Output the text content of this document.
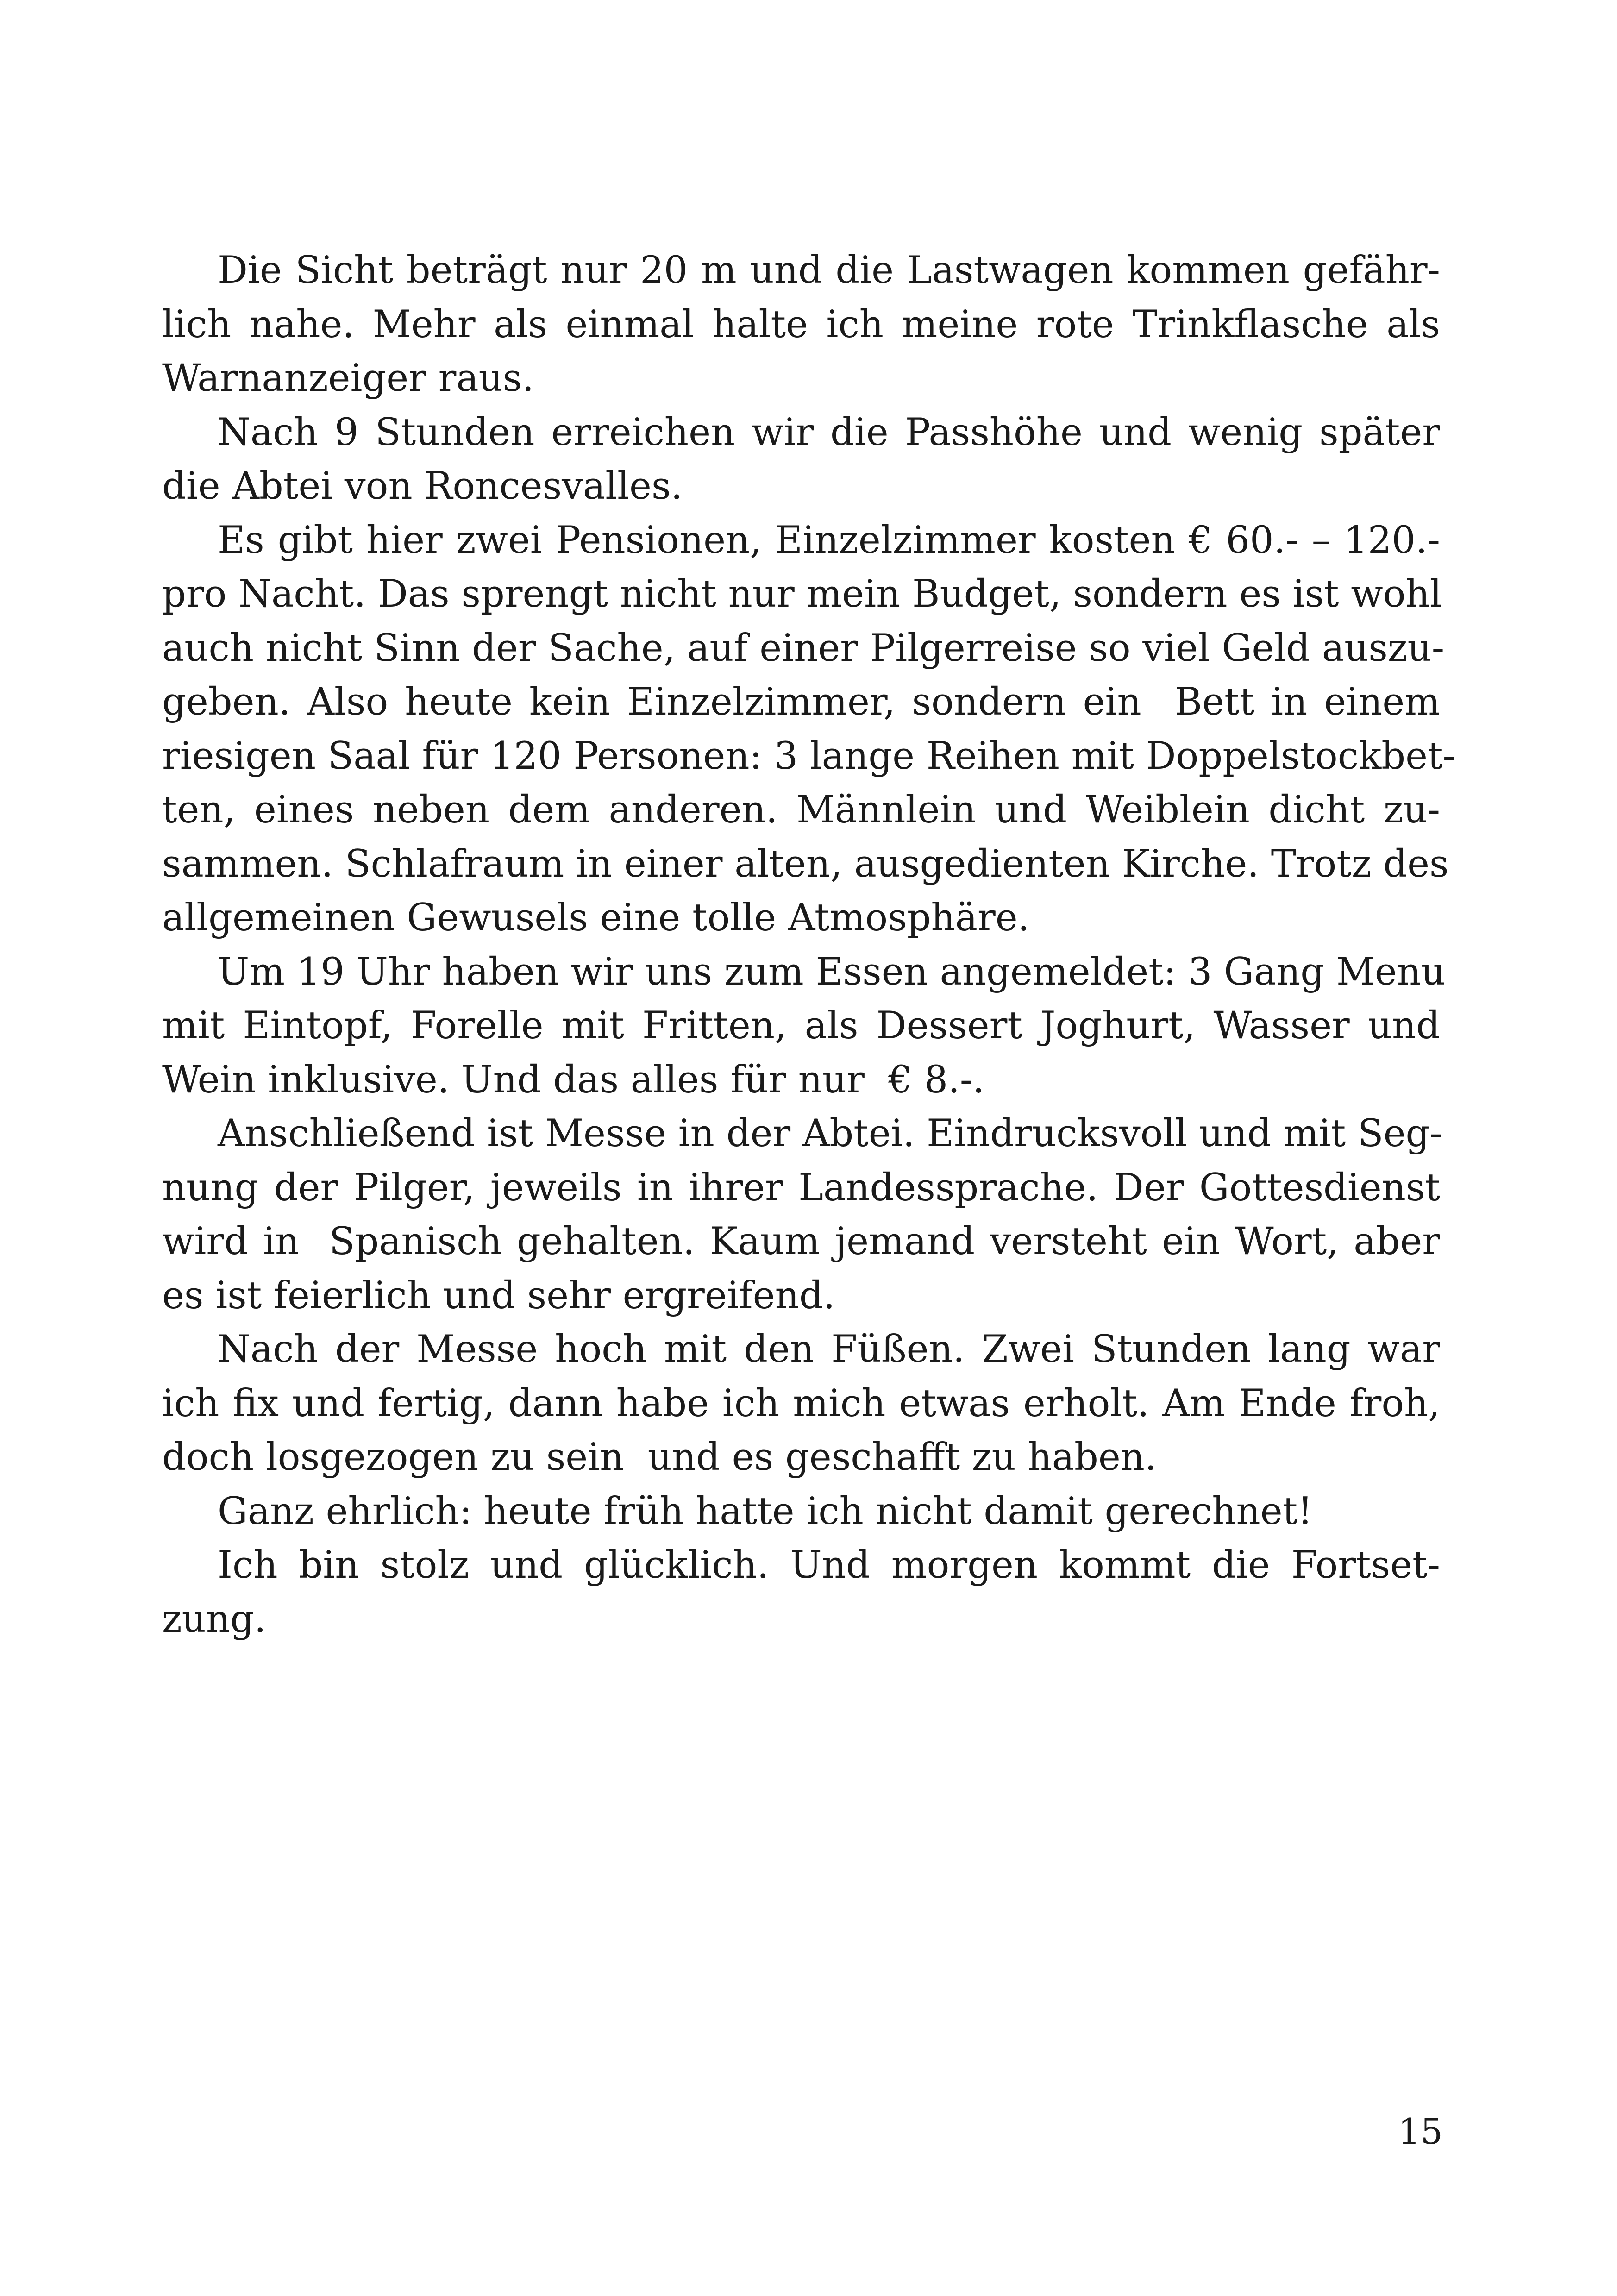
Die Sicht beträgt nur 20 m und die Lastwagen kommen gefähr-
lich nahe. Mehr als einmal halte ich meine rote Trinkflasche als
Warnanzeiger raus.
Nach 9 Stunden erreichen wir die Passhöhe und wenig später
die Abtei von Roncesvalles.
Es gibt hier zwei Pensionen, Einzelzimmer kosten € 60.- – 120.-
pro Nacht. Das sprengt nicht nur mein Budget, sondern es ist wohl
auch nicht Sinn der Sache, auf einer Pilgerreise so viel Geld auszu-
geben. Also heute kein Einzelzimmer, sondern ein  Bett in einem
riesigen Saal für 120 Personen: 3 lange Reihen mit Doppelstockbet-
ten, eines neben dem anderen. Männlein und Weiblein dicht zu-
sammen. Schlafraum in einer alten, ausgedienten Kirche. Trotz des
allgemeinen Gewusels eine tolle Atmosphäre.
Um 19 Uhr haben wir uns zum Essen angemeldet: 3 Gang Menu
mit Eintopf, Forelle mit Fritten, als Dessert Joghurt, Wasser und
Wein inklusive. Und das alles für nur  € 8.-.
Anschließend ist Messe in der Abtei. Eindrucksvoll und mit Seg-
nung der Pilger, jeweils in ihrer Landessprache. Der Gottesdienst
wird in  Spanisch gehalten. Kaum jemand versteht ein Wort, aber
es ist feierlich und sehr ergreifend.
Nach der Messe hoch mit den Füßen. Zwei Stunden lang war
ich fix und fertig, dann habe ich mich etwas erholt. Am Ende froh,
doch losgezogen zu sein  und es geschafft zu haben.
Ganz ehrlich: heute früh hatte ich nicht damit gerechnet!
Ich bin stolz und glücklich. Und morgen kommt die Fortset-
zung.
15
